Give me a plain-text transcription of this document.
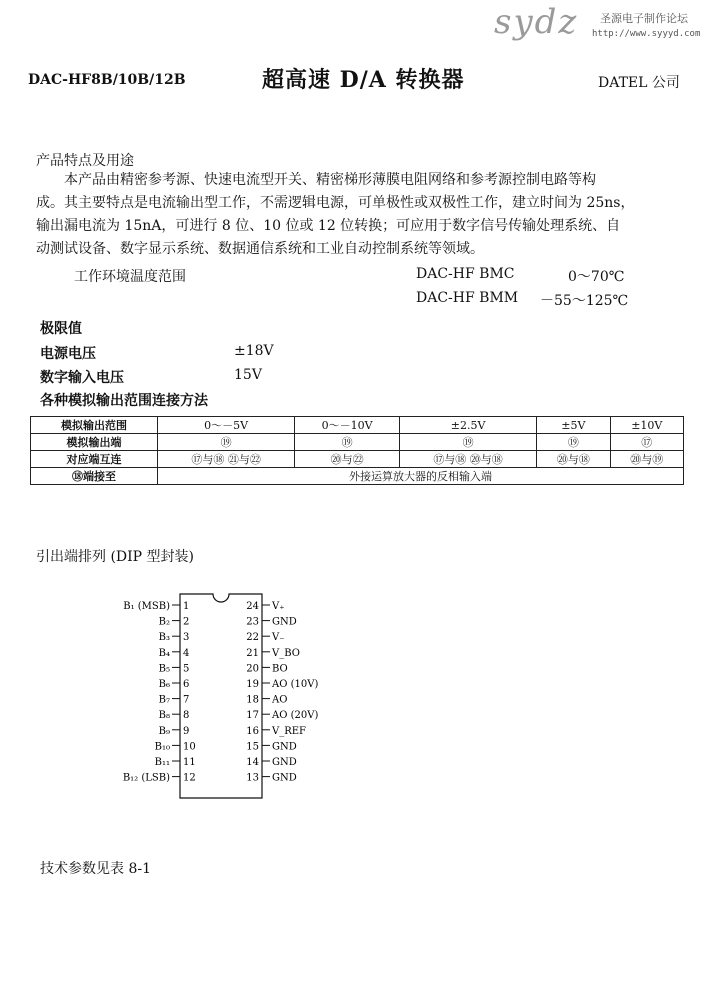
sydz 圣源电子制作论坛
http://www.syyyd.com
DAC-HF8B/10B/12B	超高速 D/A 转换器	DATEL 公司
产品特点及用途
本产品由精密参考源、快速电流型开关、精密梯形薄膜电阻网络和参考源控制电路等构
成。其主要特点是电流输出型工作，不需逻辑电源，可单极性或双极性工作，建立时间为 25ns，
输出漏电流为 15nA，可进行 8 位、10 位或 12 位转换；可应用于数字信号传输处理系统、自
动测试设备、数字显示系统、数据通信系统和工业自动控制系统等领域。
工作环境温度范围	DAC-HF BMC	0～70℃
DAC-HF BMM －55～125℃
极限值
电源电压	±18V
数字输入电压	15V
各种模拟输出范围连接方法
模拟输出范围	0～－5V	0～－10V	±2.5V	±5V	±10V
模拟输出端	⑲	⑲	⑲	⑲	⑰
对应端互连	⑰与⑱ ㉑与㉒	⑳与㉒	⑰与⑱ ⑳与⑱	⑳与⑱	⑳与⑲
⑱端接至	外接运算放大器的反相输入端				
引出端排列 (DIP 型封装)
1
B₁ (MSB)
2
B₂
3
B₃
4
B₄
5
B₅
6
B₆
7
B₇
8
B₈
9
B₉
10
B₁₀
11
B₁₁
12
B₁₂ (LSB)
24 V₊
23 GND
22 V₋
21 V_BO
20 BO
19 AO (10V)
18 AO
17 AO (20V)
16 V_REF
15 GND
14 GND
13 GND
技术参数见表 8-1
